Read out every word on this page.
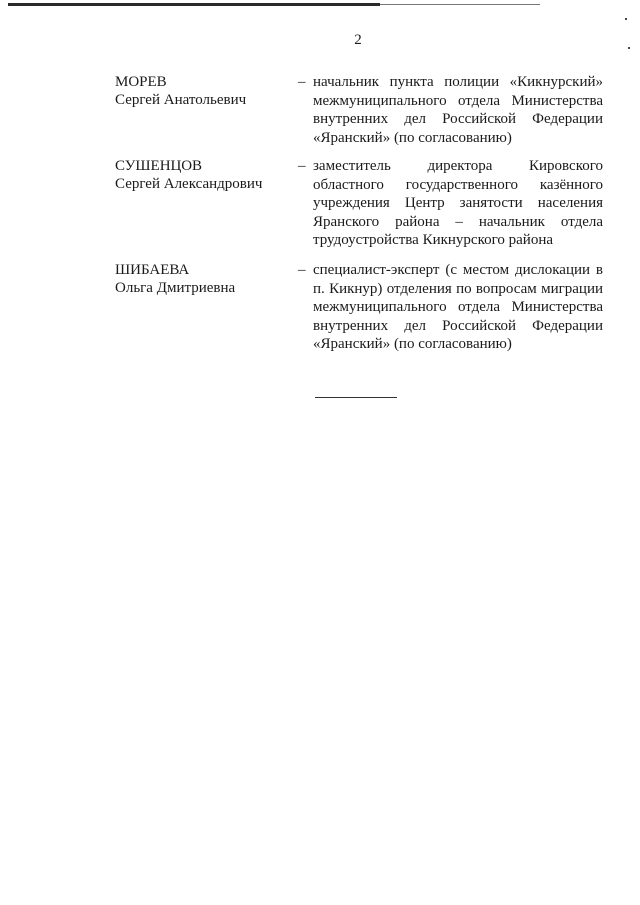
2
МОРЕВ
Сергей Анатольевич
– начальник пункта полиции «Кикнурский» межмуниципального отдела Министерства внутренних дел Российской Федерации «Яранский» (по согласованию)
СУШЕНЦОВ
Сергей Александрович
– заместитель директора Кировского областного государственного казённого учреждения Центр занятости населения Яранского района – начальник отдела трудоустройства Кикнурского района
ШИБАЕВА
Ольга Дмитриевна
– специалист-эксперт (с местом дислокации в п. Кикнур) отделения по вопросам миграции межмуниципального отдела Министерства внутренних дел Российской Федерации «Яранский» (по согласованию)
